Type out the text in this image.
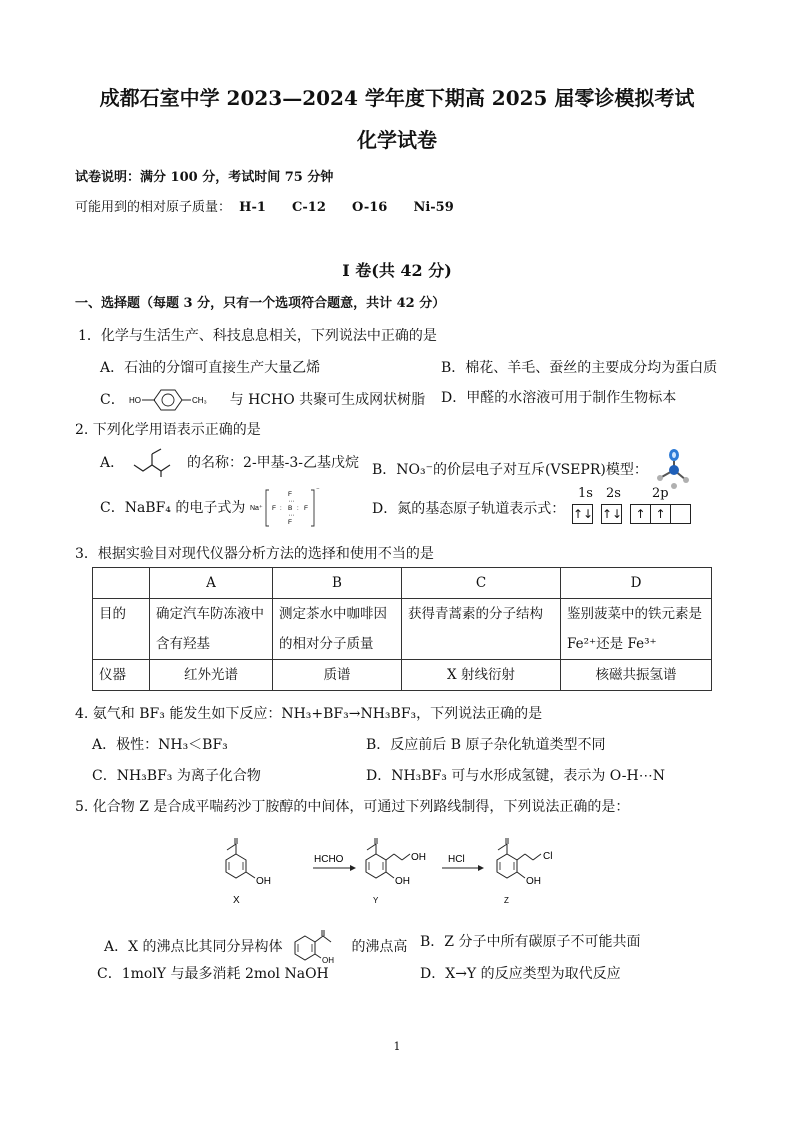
成都石室中学 2023—2024 学年度下期高 2025 届零诊模拟考试
化学试卷
试卷说明：满分 100 分，考试时间 75 分钟
可能用到的相对原子质量： H-1 C-12 O-16 Ni-59
I 卷(共 42 分)
一、选择题（每题 3 分，只有一个选项符合题意，共计 42 分）
1．化学与生活生产、科技息息相关，下列说法中正确的是
A．石油的分馏可直接生产大量乙烯	B．棉花、羊毛、蚕丝的主要成分均为蛋白质
C． HO	CH₃ 与 HCHO 共聚可生成网状树脂 D．甲醛的水溶液可用于制作生物标本
2. 下列化学用语表示正确的是
A．	的名称：2-甲基-3-乙基戊烷 B．NO₃⁻的价层电子对互斥(VSEPR)模型：
C．NaBF₄ 的电子式为 Na⁺
F
F B F
F
:	:
⋯
⋯
⁻
D．氮的基态原子轨道表示式：
1s 2s 2p
↑↓ ↑↓	↑ ↑
3．根据实验目对现代仪器分析方法的选择和使用不当的是
	A	B	C	D
目的	确定汽车防冻液中含有羟基	测定茶水中咖啡因的相对分子质量	获得青蒿素的分子结构	鉴别菠菜中的铁元素是 Fe²⁺还是 Fe³⁺
仪器	红外光谱	质谱	X 射线衍射	核磁共振氢谱
4. 氨气和 BF₃ 能发生如下反应：NH₃+BF₃→NH₃BF₃，下列说法正确的是
A．极性：NH₃＜BF₃	B．反应前后 B 原子杂化轨道类型不同
C．NH₃BF₃ 为离子化合物	D．NH₃BF₃ 可与水形成氢键，表示为 O-H⋯N
5. 化合物 Z 是合成平喘药沙丁胺醇的中间体，可通过下列路线制得，下列说法正确的是：
OH
X
HCHO
OH
OH
Y
HCl
OH
Cl
Z
A．X 的沸点比其同分异构体
OH
的沸点高 B．Z 分子中所有碳原子不可能共面
C．1molY 与最多消耗 2mol NaOH	D．X→Y 的反应类型为取代反应
1
